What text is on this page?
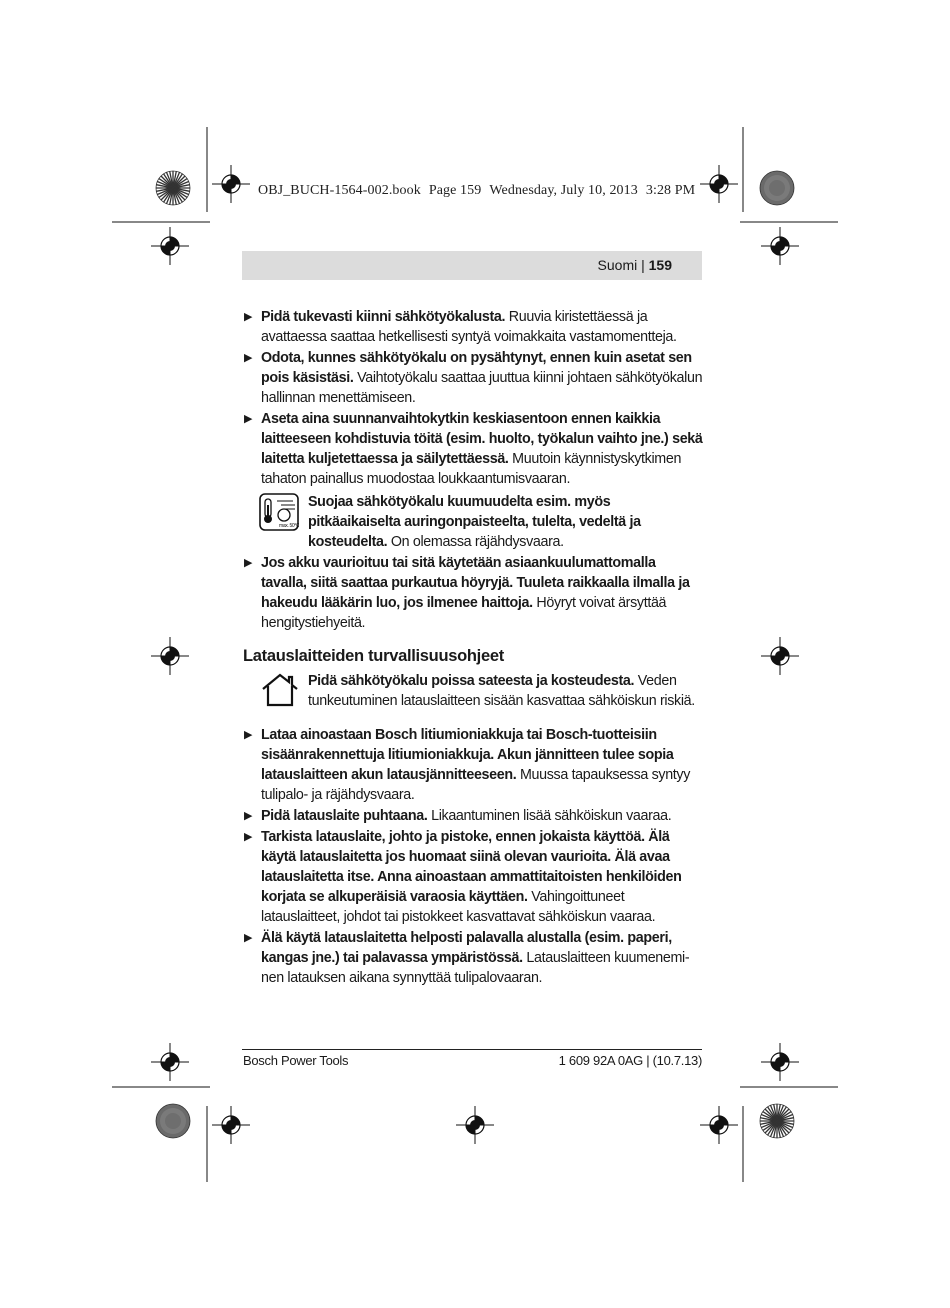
OBJ_BUCH-1564-002.book Page 159 Wednesday, July 10, 2013 3:28 PM
Suomi | 159
▶ Pidä tukevasti kiinni sähkötyökalusta. Ruuvia kiristettäessä ja avattaessa saattaa hetkellisesti syntyä voimakkaita vastamomentteja.
▶ Odota, kunnes sähkötyökalu on pysähtynyt, ennen kuin asetat sen pois käsistäsi. Vaihtotyökalu saattaa juuttua kiinni johtaen sähkötyökalun hallinnan menettämiseen.
▶ Aseta aina suunnanvaihtokytkin keskiasentoon ennen kaikkia laitteeseen kohdistuvia töitä (esim. huolto, työkalun vaihto jne.) sekä laitetta kuljetettaessa ja säilytettäessä. Muutoin käynnistyskytkimen tahaton painallus muodostaa loukkaantumisvaaran.
max. 50°C
Suojaa sähkötyökalu kuumuudelta esim. myös pitkäaikaiselta auringonpaisteelta, tulelta, vedeltä ja kosteudelta. On olemassa räjähdysvaara.
▶ Jos akku vaurioituu tai sitä käytetään asiaankuulumattomalla tavalla, siitä saattaa purkautua höyryjä. Tuuleta raikkaalla ilmalla ja hakeudu lääkärin luo, jos ilmenee haittoja. Höyryt voivat ärsyttää hengitystiehyeitä.
Latauslaitteiden turvallisuusohjeet
Pidä sähkötyökalu poissa sateesta ja kosteudesta. Veden tunkeutuminen latauslaitteen sisään kasvattaa sähköiskun riskiä.
▶ Lataa ainoastaan Bosch litiumioniakkuja tai Bosch-tuotteisiin sisäänrakennettuja litiumioniakkuja. Akun jännitteen tulee sopia latauslaitteen akun latausjännitteeseen. Muussa tapauksessa syntyy tulipalo- ja räjähdysvaara.
▶ Pidä latauslaite puhtaana. Likaantuminen lisää sähköiskun vaaraa.
▶ Tarkista latauslaite, johto ja pistoke, ennen jokaista käyttöä. Älä käytä latauslaitetta jos huomaat siinä olevan vaurioita. Älä avaa latauslaitetta itse. Anna ainoastaan ammattitaitoisten henkilöiden korjata se alkuperäisiä varaosia käyttäen. Vahingoittuneet latauslaitteet, johdot tai pistokkeet kasvattavat sähköiskun vaaraa.
▶ Älä käytä latauslaitetta helposti palavalla alustalla (esim. paperi, kangas jne.) tai palavassa ympäristössä. Latauslaitteen kuumenemi-nen latauksen aikana synnyttää tulipalovaaran.
Bosch Power Tools	1 609 92A 0AG | (10.7.13)
